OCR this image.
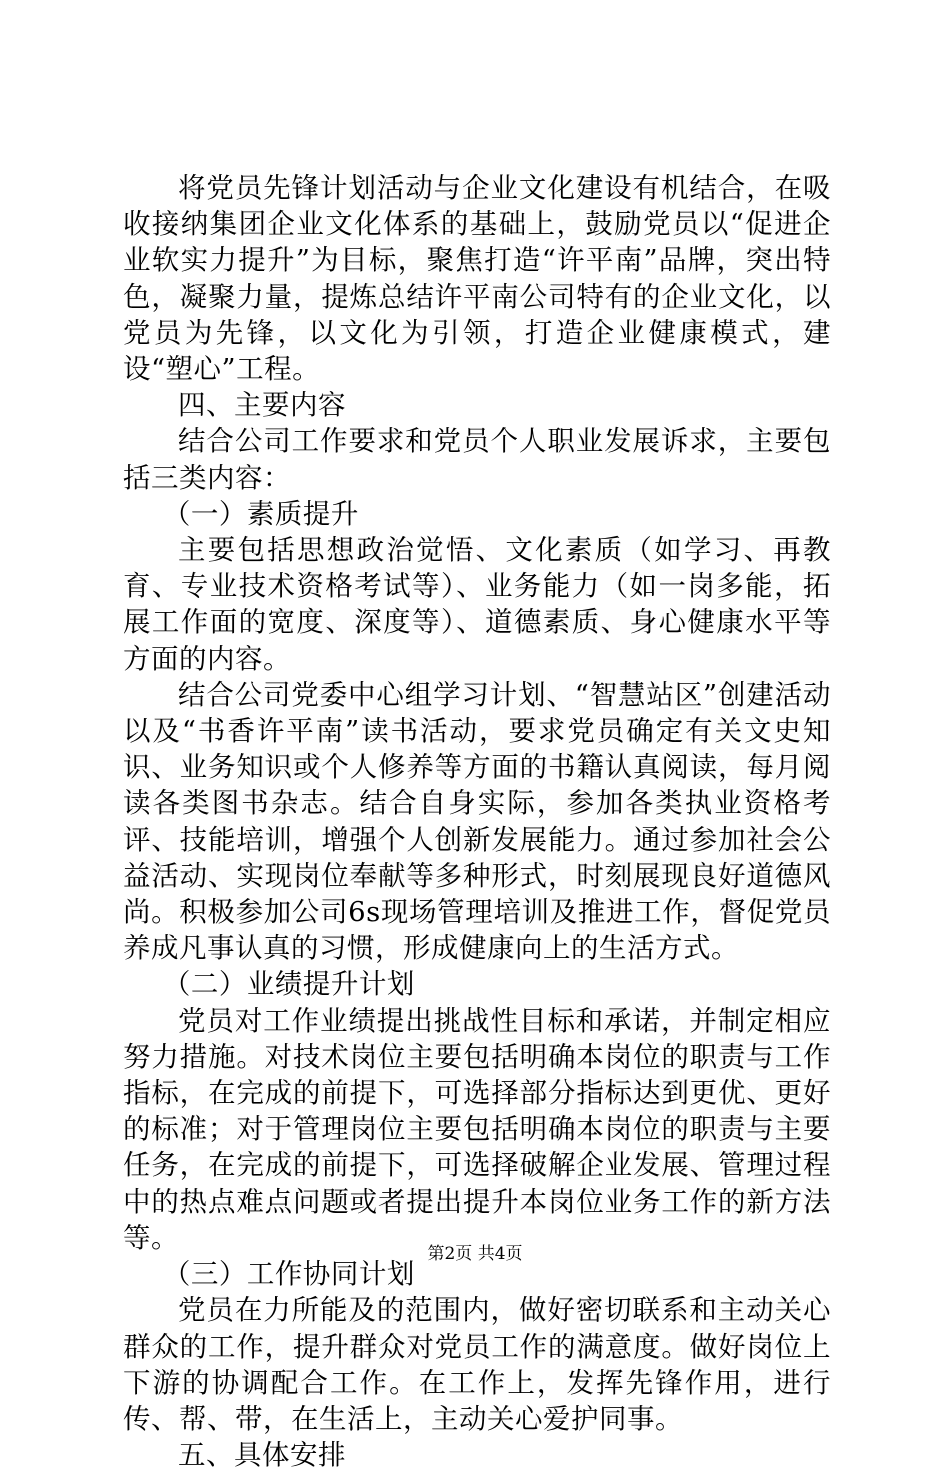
将党员先锋计划活动与企业文化建设有机结合，在吸收接纳集团企业文化体系的基础上，鼓励党员以“促进企业软实力提升”为目标，聚焦打造“许平南”品牌，突出特色，凝聚力量，提炼总结许平南公司特有的企业文化，以党员为先锋，以文化为引领，打造企业健康模式，建设“塑心”工程。

四、主要内容

结合公司工作要求和党员个人职业发展诉求，主要包括三类内容：

（一）素质提升

主要包括思想政治觉悟、文化素质（如学习、再教育、专业技术资格考试等）、业务能力（如一岗多能，拓展工作面的宽度、深度等）、道德素质、身心健康水平等方面的内容。

结合公司党委中心组学习计划、“智慧站区”创建活动以及“书香许平南”读书活动，要求党员确定有关文史知识、业务知识或个人修养等方面的书籍认真阅读，每月阅读各类图书杂志。结合自身实际，参加各类执业资格考评、技能培训，增强个人创新发展能力。通过参加社会公益活动、实现岗位奉献等多种形式，时刻展现良好道德风尚。积极参加公司6s现场管理培训及推进工作，督促党员养成凡事认真的习惯，形成健康向上的生活方式。

（二）业绩提升计划

党员对工作业绩提出挑战性目标和承诺，并制定相应努力措施。对技术岗位主要包括明确本岗位的职责与工作指标，在完成的前提下，可选择部分指标达到更优、更好的标准；对于管理岗位主要包括明确本岗位的职责与主要任务，在完成的前提下，可选择破解企业发展、管理过程中的热点难点问题或者提出提升本岗位业务工作的新方法等。

（三）工作协同计划

党员在力所能及的范围内，做好密切联系和主动关心群众的工作，提升群众对党员工作的满意度。做好岗位上下游的协调配合工作。在工作上，发挥先锋作用，进行传、帮、带，在生活上，主动关心爱护同事。

五、具体安排

第2页 共4页
